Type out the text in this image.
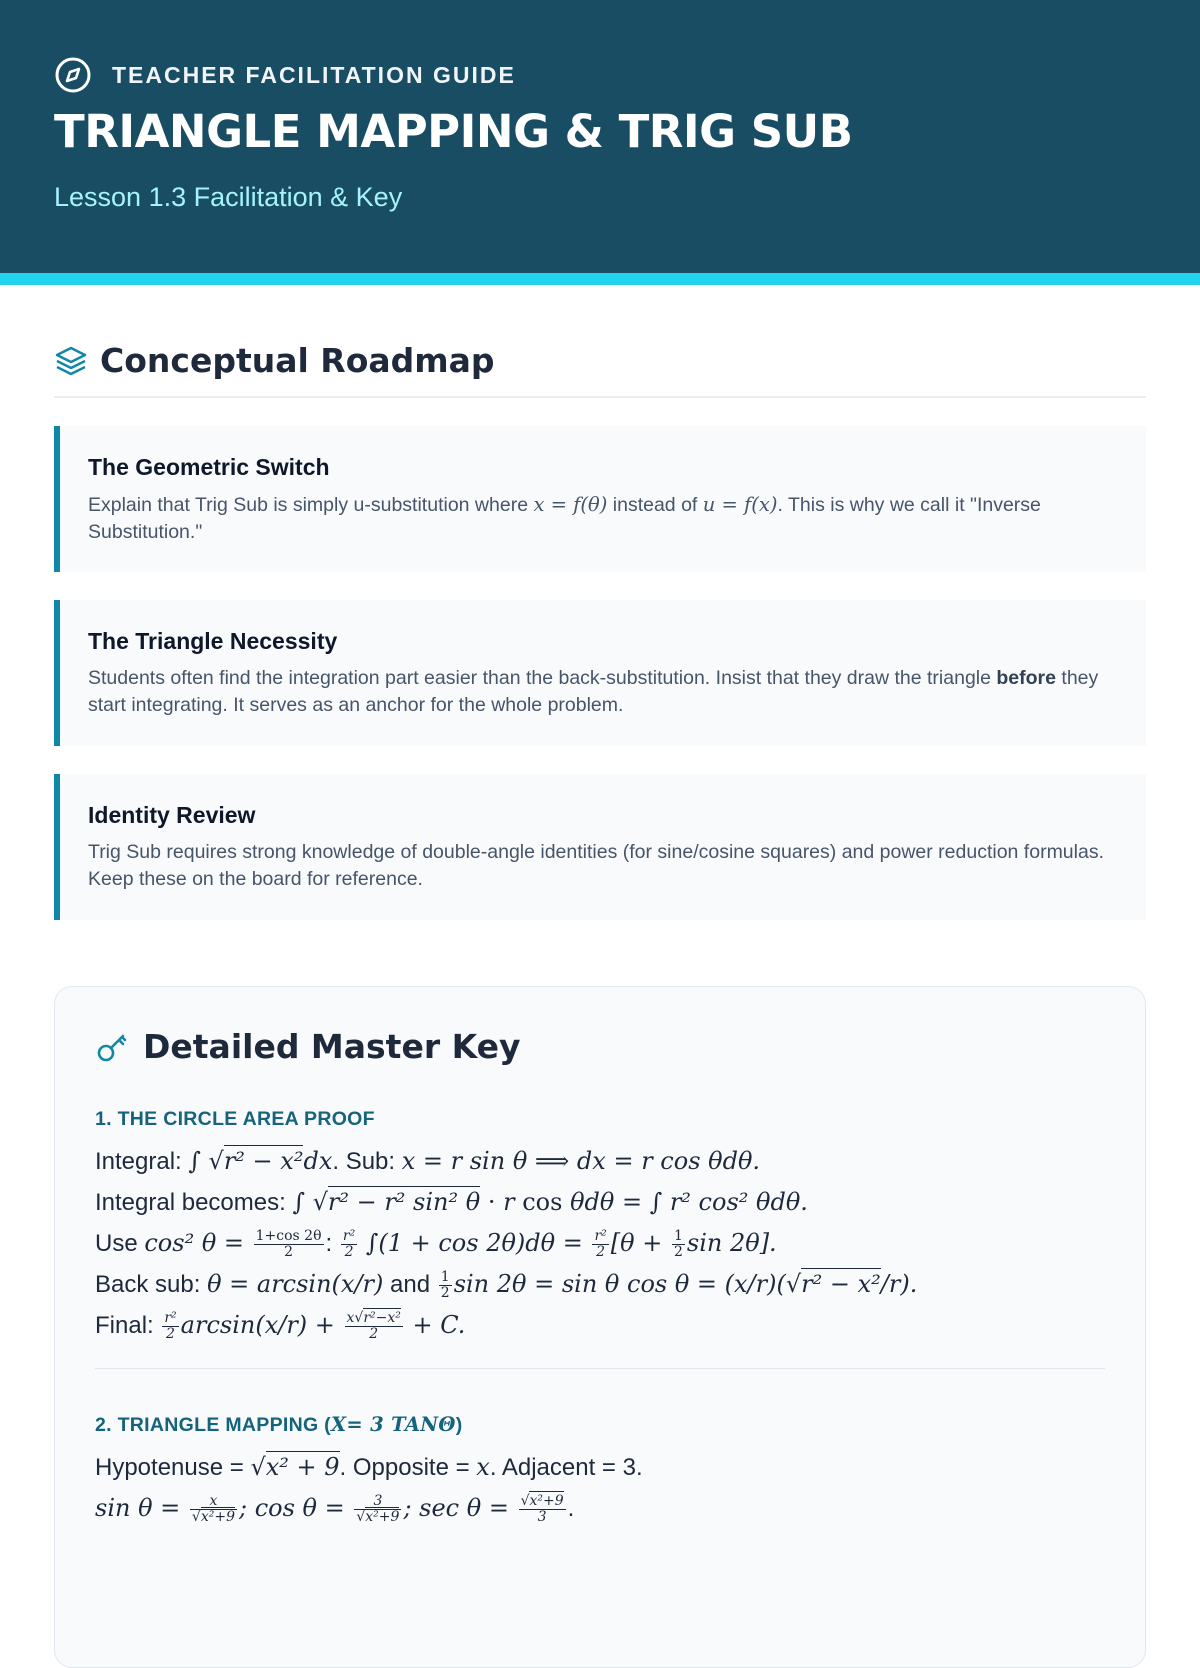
TEACHER FACILITATION GUIDE
TRIANGLE MAPPING & TRIG SUB
Lesson 1.3 Facilitation & Key
Conceptual Roadmap
The Geometric Switch

Explain that Trig Sub is simply u-substitution where x = f(θ) instead of u = f(x). This is why we call it "Inverse Substitution."

The Triangle Necessity

Students often find the integration part easier than the back-substitution. Insist that they draw the triangle before they start integrating. It serves as an anchor for the whole problem.

Identity Review

Trig Sub requires strong knowledge of double-angle identities (for sine/cosine squares) and power reduction formulas. Keep these on the board for reference.

Detailed Master Key
1. THE CIRCLE AREA PROOF
Integral: ∫ √r² − x²dx. Sub: x = r sin θ ⟹ dx = r cos θdθ.
Integral becomes: ∫ √r² − r² sin² θ · r cos θdθ = ∫ r² cos² θdθ.
Use cos² $\theta = \frac{1+\cos 2\theta}{2}$ : $\frac{\text{r²}}{2} \int(1 + \cos 2\theta)d\theta = \frac{\text{r²}}{2} [\theta + \frac{1}{2}$ sin 2θ].
Back sub: θ = arcsin(x/r) and $\frac{1}{2}$ sin 2θ = sin θ cos θ = (x/r)(√r² − x²/r).
Final: $\frac{\text{r²}}{2} \arcsin(x/r) + \frac{\text{x√r²−x²}}{2} + C$.
2. TRIANGLE MAPPING (X= 3 TANΘ)
Hypotenuse = √x² + 9. Opposite = x. Adjacent = 3.
$\sin \theta = \frac{x}{\text{√x²+9}}$ ; $\cos \theta = \frac{3}{\text{√x²+9}}$ ; $\sec \theta = \frac{\text{√x²+9}}{3}$ .
